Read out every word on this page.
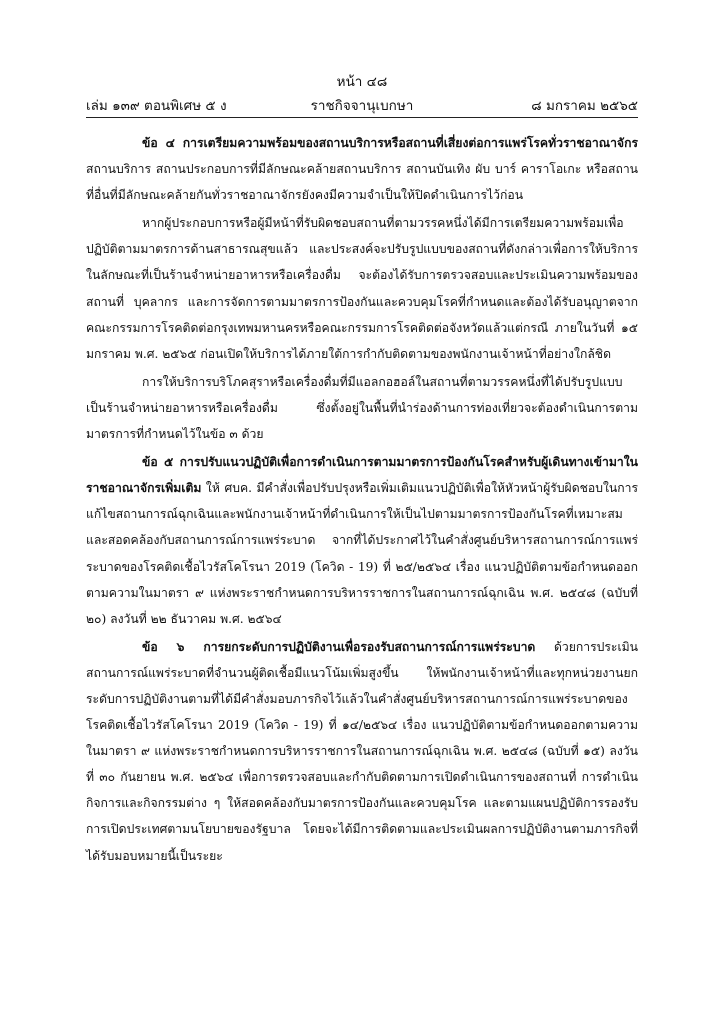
หน้า ๔๘
ราชกิจจานุเบกษา
เล่ม ๑๓๙ ตอนพิเศษ ๕ ง	๘ มกราคม ๒๕๖๕

ข้อ ๔ การเตรียมความพร้อมของสถานบริการหรือสถานที่เสี่ยงต่อการแพร่โรคทั่วราชอาณาจักร สถานบริการ สถานประกอบการที่มีลักษณะคล้ายสถานบริการ สถานบันเทิง ผับ บาร์ คาราโอเกะ หรือสถานที่อื่นที่มีลักษณะคล้ายกันทั่วราชอาณาจักรยังคงมีความจำเป็นให้ปิดดำเนินการไว้ก่อน

หากผู้ประกอบการหรือผู้มีหน้าที่รับผิดชอบสถานที่ตามวรรคหนึ่งได้มีการเตรียมความพร้อมเพื่อปฏิบัติตามมาตรการด้านสาธารณสุขแล้ว และประสงค์จะปรับรูปแบบของสถานที่ดังกล่าวเพื่อการให้บริการในลักษณะที่เป็นร้านจำหน่ายอาหารหรือเครื่องดื่ม จะต้องได้รับการตรวจสอบและประเมินความพร้อมของสถานที่ บุคลากร และการจัดการตามมาตรการป้องกันและควบคุมโรคที่กำหนดและต้องได้รับอนุญาตจากคณะกรรมการโรคติดต่อกรุงเทพมหานครหรือคณะกรรมการโรคติดต่อจังหวัดแล้วแต่กรณี ภายในวันที่ ๑๕ มกราคม พ.ศ. ๒๕๖๕ ก่อนเปิดให้บริการได้ภายใต้การกำกับติดตามของพนักงานเจ้าหน้าที่อย่างใกล้ชิด

การให้บริการบริโภคสุราหรือเครื่องดื่มที่มีแอลกอฮอล์ในสถานที่ตามวรรคหนึ่งที่ได้ปรับรูปแบบเป็นร้านจำหน่ายอาหารหรือเครื่องดื่ม ซึ่งตั้งอยู่ในพื้นที่นำร่องด้านการท่องเที่ยวจะต้องดำเนินการตามมาตรการที่กำหนดไว้ในข้อ ๓ ด้วย

ข้อ ๕ การปรับแนวปฏิบัติเพื่อการดำเนินการตามมาตรการป้องกันโรคสำหรับผู้เดินทางเข้ามาในราชอาณาจักรเพิ่มเติม ให้ ศบค. มีคำสั่งเพื่อปรับปรุงหรือเพิ่มเติมแนวปฏิบัติเพื่อให้หัวหน้าผู้รับผิดชอบในการแก้ไขสถานการณ์ฉุกเฉินและพนักงานเจ้าหน้าที่ดำเนินการให้เป็นไปตามมาตรการป้องกันโรคที่เหมาะสมและสอดคล้องกับสถานการณ์การแพร่ระบาด จากที่ได้ประกาศไว้ในคำสั่งศูนย์บริหารสถานการณ์การแพร่ระบาดของโรคติดเชื้อไวรัสโคโรนา 2019 (โควิด - 19) ที่ ๒๕/๒๕๖๔ เรื่อง แนวปฏิบัติตามข้อกำหนดออกตามความในมาตรา ๙ แห่งพระราชกำหนดการบริหารราชการในสถานการณ์ฉุกเฉิน พ.ศ. ๒๕๔๘ (ฉบับที่ ๒๐) ลงวันที่ ๒๒ ธันวาคม พ.ศ. ๒๕๖๔

ข้อ ๖ การยกระดับการปฏิบัติงานเพื่อรองรับสถานการณ์การแพร่ระบาด ด้วยการประเมินสถานการณ์แพร่ระบาดที่จำนวนผู้ติดเชื้อมีแนวโน้มเพิ่มสูงขึ้น ให้พนักงานเจ้าหน้าที่และทุกหน่วยงานยกระดับการปฏิบัติงานตามที่ได้มีคำสั่งมอบภารกิจไว้แล้วในคำสั่งศูนย์บริหารสถานการณ์การแพร่ระบาดของโรคติดเชื้อไวรัสโคโรนา 2019 (โควิด - 19) ที่ ๑๔/๒๕๖๔ เรื่อง แนวปฏิบัติตามข้อกำหนดออกตามความในมาตรา ๙ แห่งพระราชกำหนดการบริหารราชการในสถานการณ์ฉุกเฉิน พ.ศ. ๒๕๔๘ (ฉบับที่ ๑๕) ลงวันที่ ๓๐ กันยายน พ.ศ. ๒๕๖๔ เพื่อการตรวจสอบและกำกับติดตามการเปิดดำเนินการของสถานที่ การดำเนินกิจการและกิจกรรมต่าง ๆ ให้สอดคล้องกับมาตรการป้องกันและควบคุมโรค และตามแผนปฏิบัติการรองรับการเปิดประเทศตามนโยบายของรัฐบาล โดยจะได้มีการติดตามและประเมินผลการปฏิบัติงานตามภารกิจที่ได้รับมอบหมายนี้เป็นระยะ
